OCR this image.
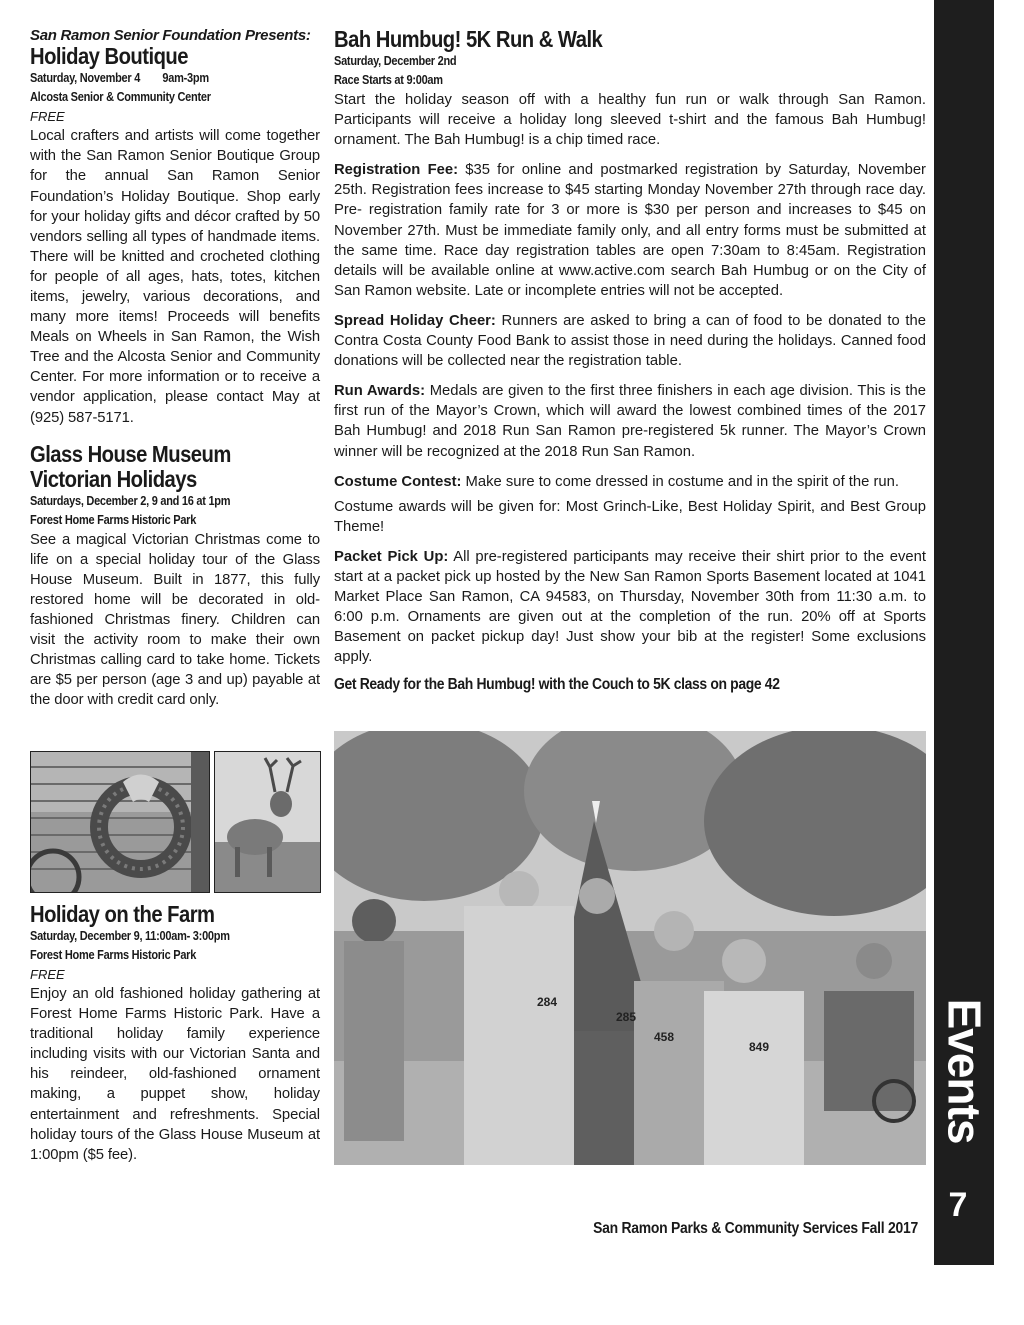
San Ramon Senior Foundation Presents:

Holiday Boutique

Saturday, November 4        9am-3pm

Alcosta Senior & Community Center

FREE

Local crafters and artists will come together with the San Ramon Senior Boutique Group for the annual San Ramon Senior Foundation’s Holiday Boutique. Shop early for your holiday gifts and décor crafted by 50 vendors selling all types of handmade items. There will be knitted and crocheted clothing for people of all ages, hats, totes, kitchen items, jewelry, various decorations, and many more items! Proceeds will benefits Meals on Wheels in San Ramon, the Wish Tree and the Alcosta Senior and Community Center. For more information or to receive a vendor application, please contact May at (925) 587-5171.

Glass House Museum

Victorian Holidays

Saturdays, December 2, 9 and 16 at 1pm

Forest Home Farms Historic Park

See a magical Victorian Christmas come to life on a special holiday tour of the Glass House Museum. Built in 1877, this fully restored home will be decorated in old-fashioned Christmas finery. Children can visit the activity room to make their own Christmas calling card to take home. Tickets are $5 per person (age 3 and up) payable at the door with credit card only.

Holiday on the Farm

Saturday, December 9, 11:00am- 3:00pm

Forest Home Farms Historic Park

FREE

Enjoy an old fashioned holiday gathering at Forest Home Farms Historic Park. Have a traditional holiday family experience including visits with our Victorian Santa and his reindeer, old-fashioned ornament making, a puppet show, holiday entertainment and refreshments. Special holiday tours of the Glass House Museum at 1:00pm ($5 fee).

Bah Humbug! 5K Run & Walk

Saturday, December 2nd

Race Starts at 9:00am

Start the holiday season off with a healthy fun run or walk through San Ramon. Participants will receive a holiday long sleeved t-shirt and the famous Bah Humbug! ornament. The Bah Humbug! is a chip timed race.

Registration Fee: $35 for online and postmarked registration by Saturday, November 25th. Registration fees increase to $45 starting Monday November 27th through race day. Pre- registration family rate for 3 or more is $30 per person and increases to $45 on November 27th. Must be immediate family only, and all entry forms must be submitted at the same time. Race day registration tables are open 7:30am to 8:45am. Registration details will be available online at www.active.com search Bah Humbug or on the City of San Ramon website. Late or incomplete entries will not be accepted.

Spread Holiday Cheer: Runners are asked to bring a can of food to be donated to the Contra Costa County Food Bank to assist those in need during the holidays. Canned food donations will be collected near the registration table.

Run Awards: Medals are given to the first three finishers in each age division. This is the first run of the Mayor’s Crown, which will award the lowest combined times of the 2017 Bah Humbug! and 2018 Run San Ramon pre-registered 5k runner. The Mayor’s Crown winner will be recognized at the 2018 Run San Ramon.

Costume Contest: Make sure to come dressed in costume and in the spirit of the run.

Costume awards will be given for: Most Grinch-Like, Best Holiday Spirit, and Best Group Theme!

Packet Pick Up: All pre-registered participants may receive their shirt prior to the event start at a packet pick up hosted by the New San Ramon Sports Basement located at 1041 Market Place San Ramon, CA 94583, on Thursday, November 30th from 11:30 a.m. to 6:00 p.m. Ornaments are given out at the completion of the run. 20% off at Sports Basement on packet pickup day! Just show your bib at the register! Some exclusions apply.

Get Ready for the Bah Humbug! with the Couch to 5K class on page 42

284
285
458
849	Events
7
San Ramon Parks & Community Services Fall 2017
